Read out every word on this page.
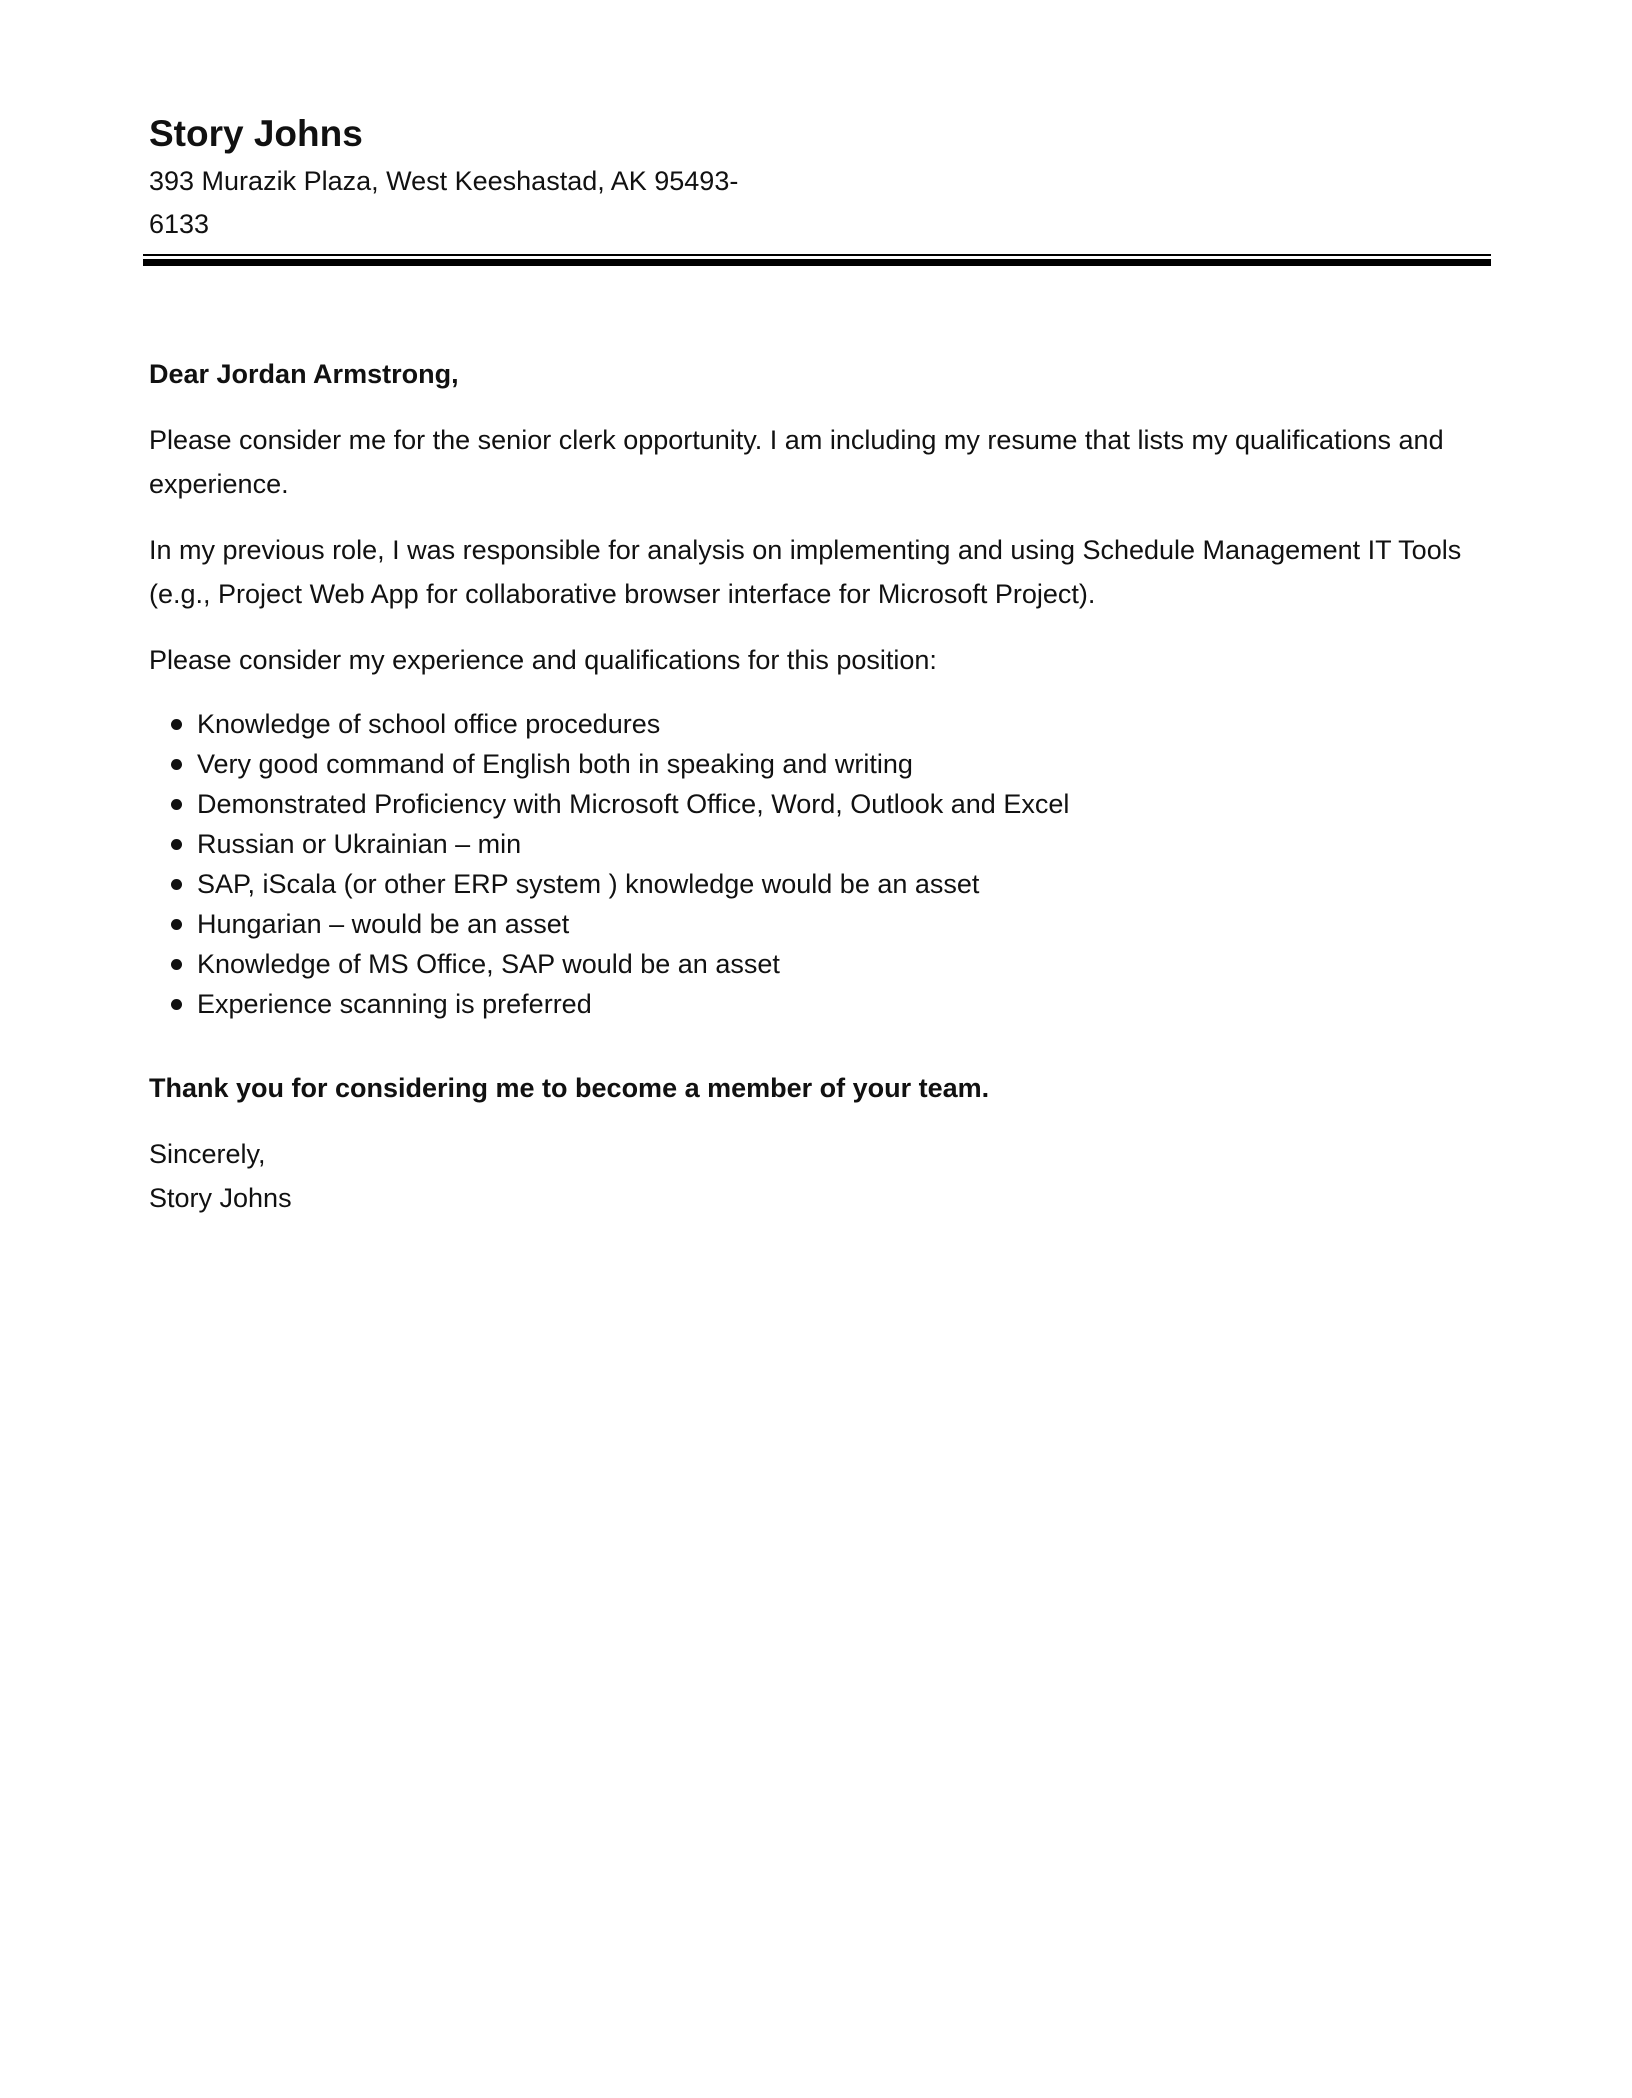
Story Johns
393 Murazik Plaza, West Keeshastad, AK 95493-
6133

Dear Jordan Armstrong,

Please consider me for the senior clerk opportunity. I am including my resume that lists my qualifications and experience.

In my previous role, I was responsible for analysis on implementing and using Schedule Management IT Tools (e.g., Project Web App for collaborative browser interface for Microsoft Project).

Please consider my experience and qualifications for this position:

Knowledge of school office procedures
Very good command of English both in speaking and writing
Demonstrated Proficiency with Microsoft Office, Word, Outlook and Excel
Russian or Ukrainian – min
SAP, iScala (or other ERP system ) knowledge would be an asset
Hungarian – would be an asset
Knowledge of MS Office, SAP would be an asset
Experience scanning is preferred

Thank you for considering me to become a member of your team.

Sincerely,
Story Johns
